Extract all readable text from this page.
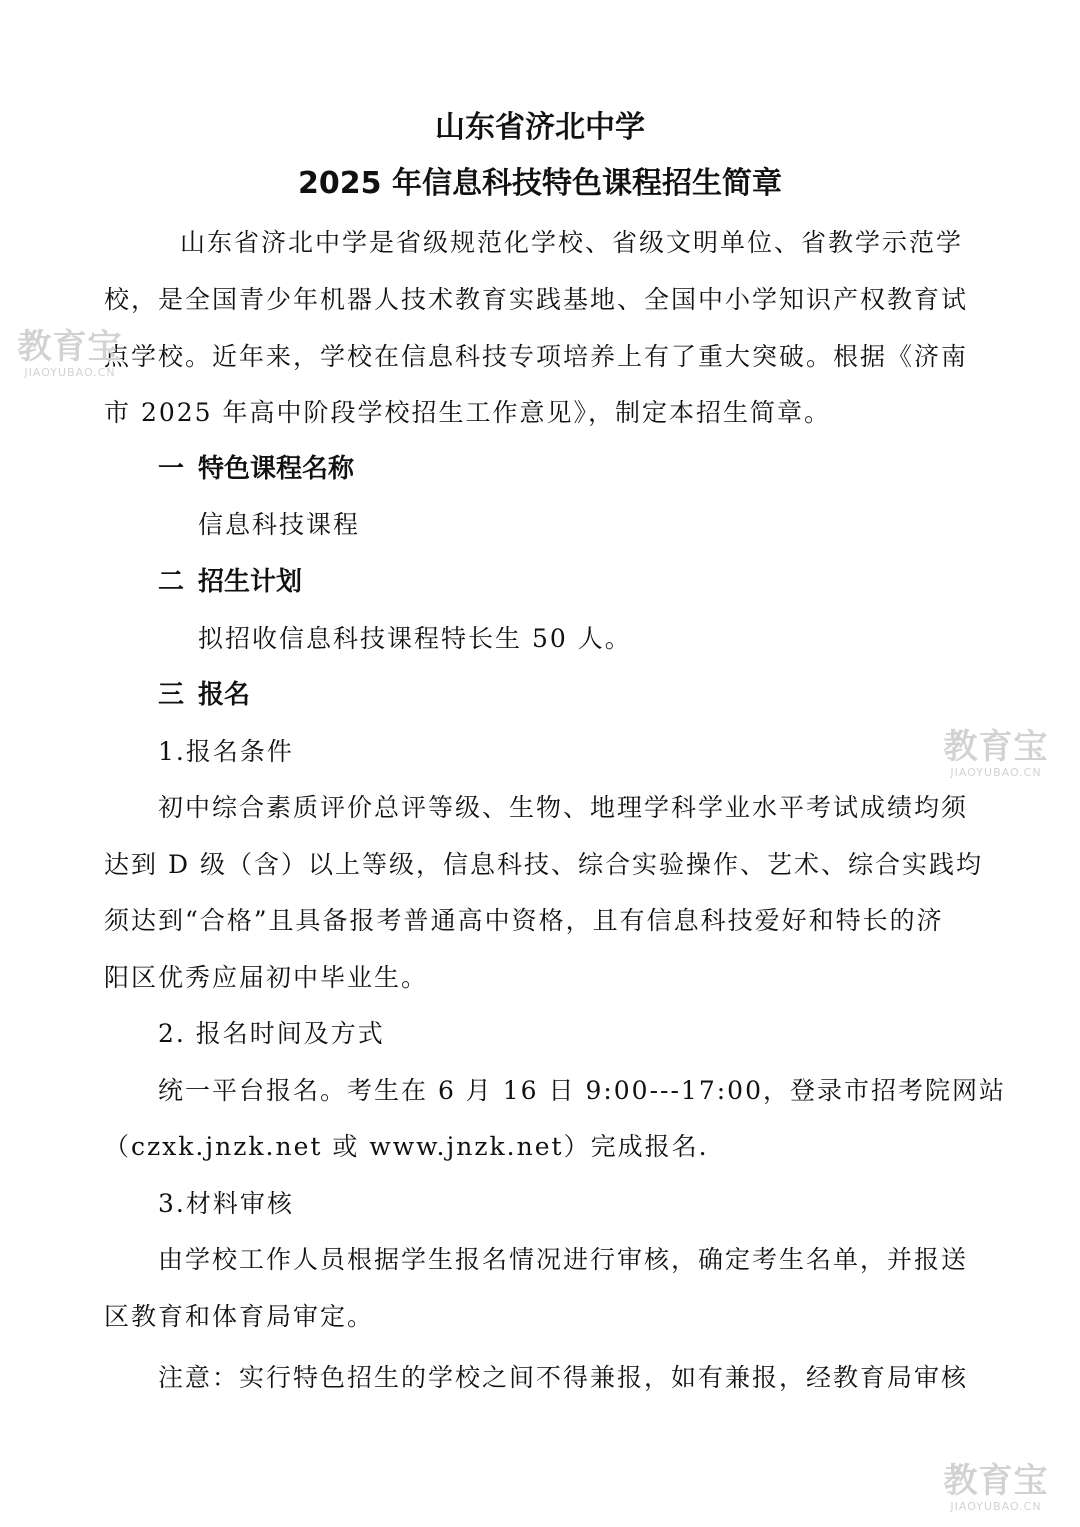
山东省济北中学
2025 年信息科技特色课程招生简章
山东省济北中学是省级规范化学校、省级文明单位、省教学示范学
校，是全国青少年机器人技术教育实践基地、全国中小学知识产权教育试
点学校。近年来，学校在信息科技专项培养上有了重大突破。根据《济南
市 2025 年高中阶段学校招生工作意见》，制定本招生简章。
一 特色课程名称
信息科技课程
二 招生计划
拟招收信息科技课程特长生 50 人。
三 报名
1.报名条件
初中综合素质评价总评等级、生物、地理学科学业水平考试成绩均须
达到 D 级（含）以上等级，信息科技、综合实验操作、艺术、综合实践均
须达到“合格”且具备报考普通高中资格，且有信息科技爱好和特长的济
阳区优秀应届初中毕业生。
2. 报名时间及方式
统一平台报名。考生在 6 月 16 日 9:00---17:00，登录市招考院网站
（czxk.jnzk.net 或 www.jnzk.net）完成报名.
3.材料审核
由学校工作人员根据学生报名情况进行审核，确定考生名单，并报送
区教育和体育局审定。
注意：实行特色招生的学校之间不得兼报，如有兼报，经教育局审核
教育宝
JIAOYUBAO.CN
教育宝
JIAOYUBAO.CN
教育宝
JIAOYUBAO.CN
